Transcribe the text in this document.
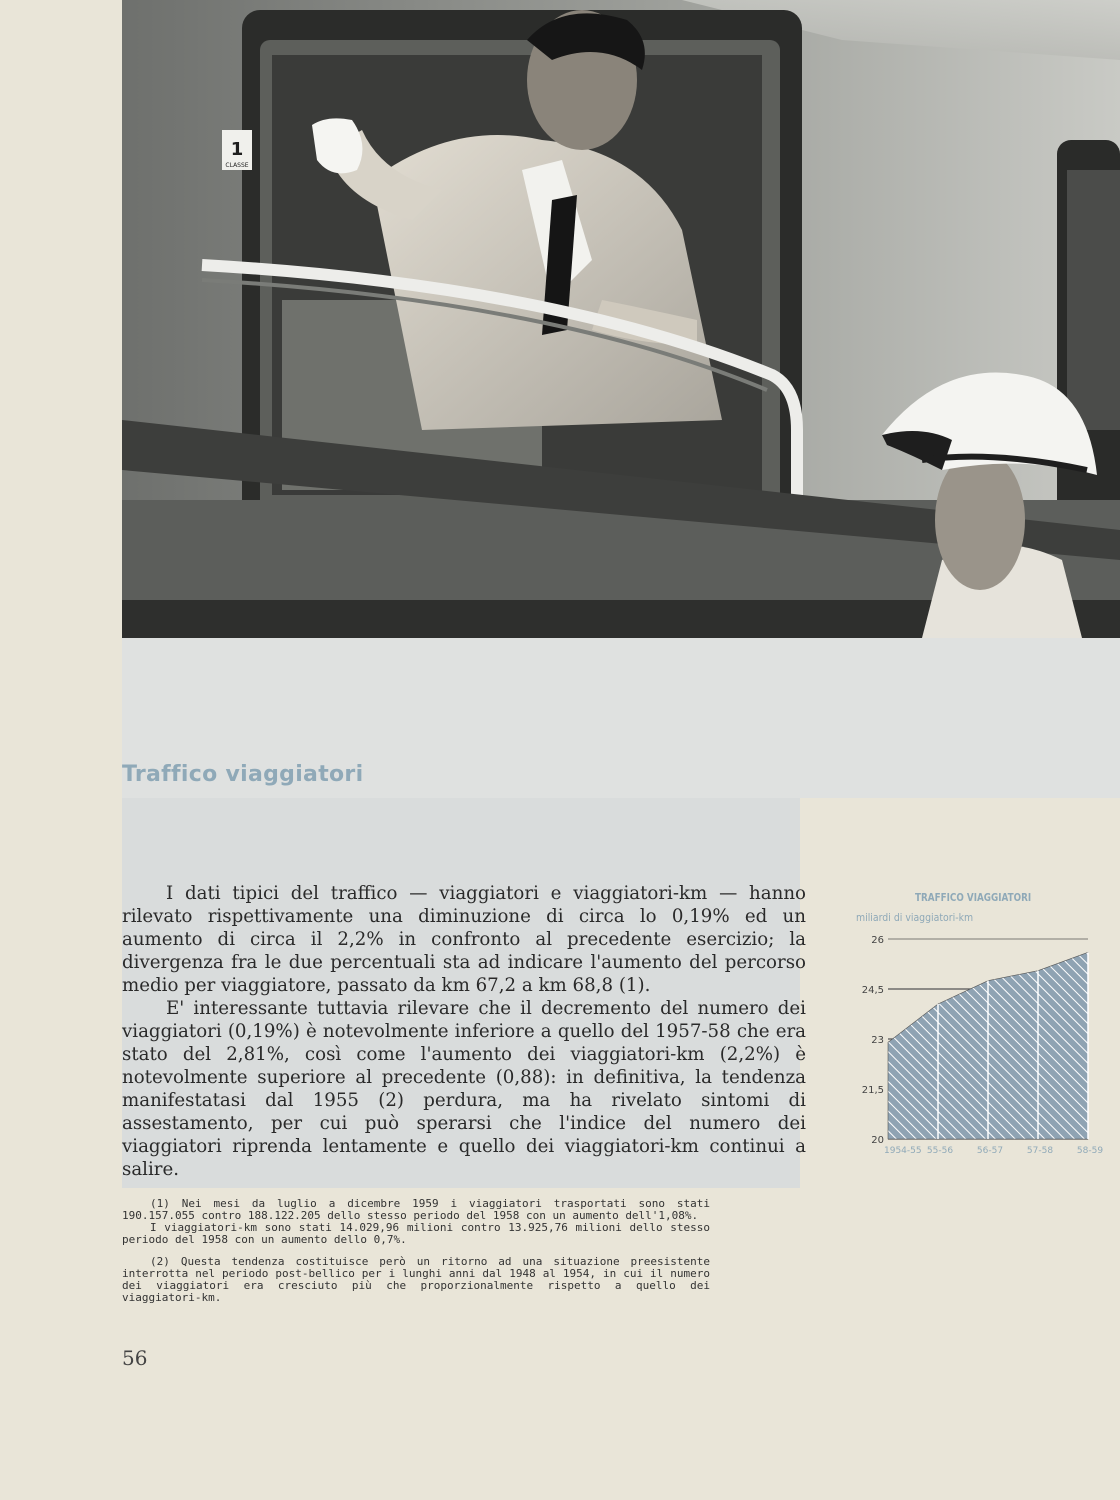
1
CLASSE
Traffico viaggiatori

I dati tipici del traffico — viaggiatori e viaggiatori-km — hanno rilevato rispettivamente una diminuzione di circa lo 0,19% ed un aumento di circa il 2,2% in confronto al precedente esercizio; la divergenza fra le due percentuali sta ad indicare l'aumento del percorso medio per viaggiatore, passato da km 67,2 a km 68,8 (1).

E' interessante tuttavia rilevare che il decremento del numero dei viaggiatori (0,19%) è notevolmente inferiore a quello del 1957-58 che era stato del 2,81%, così come l'aumento dei viaggiatori-km (2,2%) è notevolmente superiore al precedente (0,88): in definitiva, la tendenza manifestatasi dal 1955 (2) perdura, ma ha rivelato sintomi di assestamento, per cui può sperarsi che l'indice del numero dei viaggiatori riprenda lentamente e quello dei viaggiatori-km continui a salire.

(1) Nei mesi da luglio a dicembre 1959 i viaggiatori trasportati sono stati 190.157.055 contro 188.122.205 dello stesso periodo del 1958 con un aumento dell'1,08%.

I viaggiatori-km sono stati 14.029,96 milioni contro 13.925,76 milioni dello stesso periodo del 1958 con un aumento dello 0,7%.

(2) Questa tendenza costituisce però un ritorno ad una situazione preesistente interrotta nel periodo post-bellico per i lunghi anni dal 1948 al 1954, in cui il numero dei viaggiatori era cresciuto più che proporzionalmente rispetto a quello dei viaggiatori-km.

56
TRAFFICO VIAGGIATORI
miliardi di viaggiatori-km
26
24,5
23
21,5
20
1954-55 55-56	56-57	57-58	58-59
